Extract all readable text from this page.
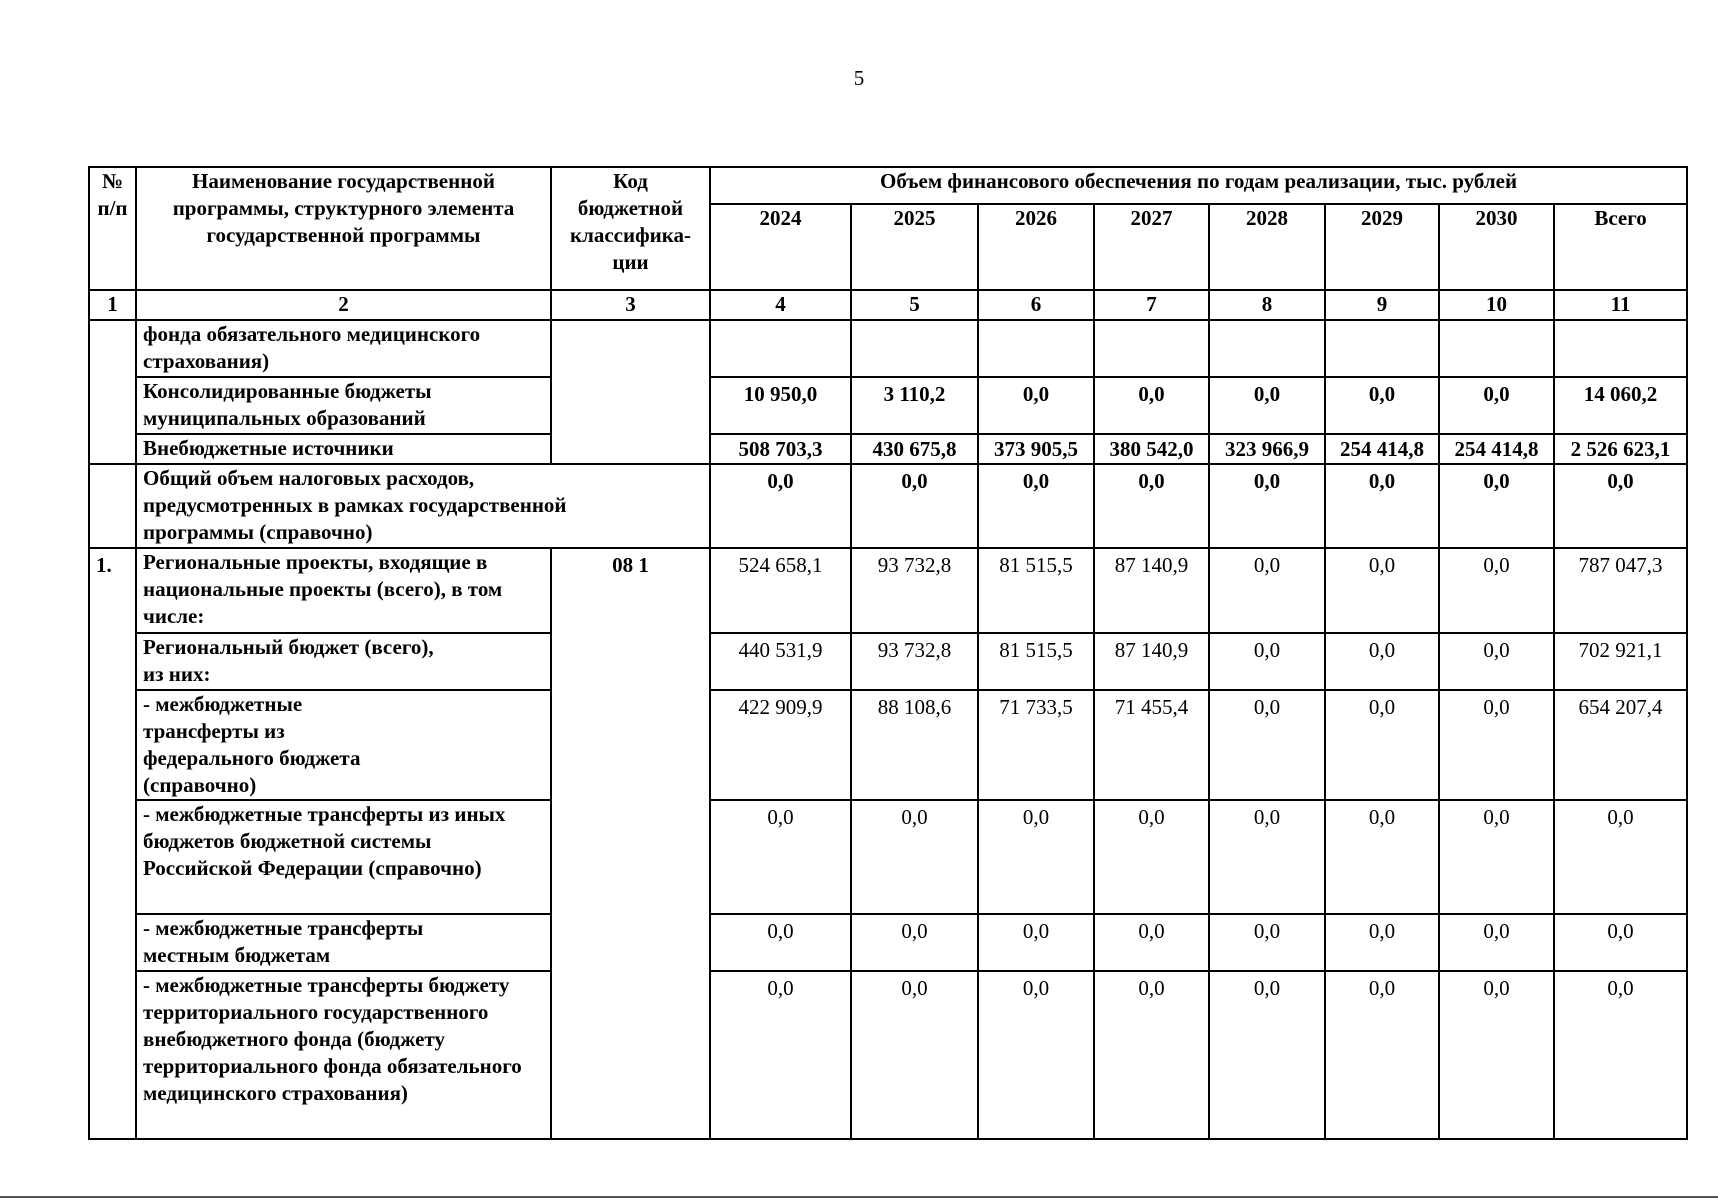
5
№ п/п	Наименование государственной программы, структурного элемента государственной программы	Код бюджетной классифика-ции	Объем финансового обеспечения по годам реализации, тыс. рублей							
			2024	2025	2026	2027	2028	2029	2030	Всего
1	2	3	4	5	6	7	8	9	10	11
	фонда обязательного медицинского страхования)									
	Консолидированные бюджеты муниципальных образований		10 950,0	3 110,2	0,0	0,0	0,0	0,0	0,0	14 060,2
	Внебюджетные источники		508 703,3	430 675,8	373 905,5	380 542,0	323 966,9	254 414,8	254 414,8	2 526 623,1
	Общий объем налоговых расходов, предусмотренных в рамках государственной программы (справочно)		0,0	0,0	0,0	0,0	0,0	0,0	0,0	0,0
1.	Региональные проекты, входящие в национальные проекты (всего), в том числе:	08 1	524 658,1	93 732,8	81 515,5	87 140,9	0,0	0,0	0,0	787 047,3
	Региональный бюджет (всего), из них:		440 531,9	93 732,8	81 515,5	87 140,9	0,0	0,0	0,0	702 921,1
	- межбюджетные трансферты из федерального бюджета (справочно)		422 909,9	88 108,6	71 733,5	71 455,4	0,0	0,0	0,0	654 207,4
	- межбюджетные трансферты из иных бюджетов бюджетной системы Российской Федерации (справочно)		0,0	0,0	0,0	0,0	0,0	0,0	0,0	0,0
	- межбюджетные трансферты местным бюджетам		0,0	0,0	0,0	0,0	0,0	0,0	0,0	0,0
	- межбюджетные трансферты бюджету территориального государственного внебюджетного фонда (бюджету территориального фонда обязательного медицинского страхования)		0,0	0,0	0,0	0,0	0,0	0,0	0,0	0,0
